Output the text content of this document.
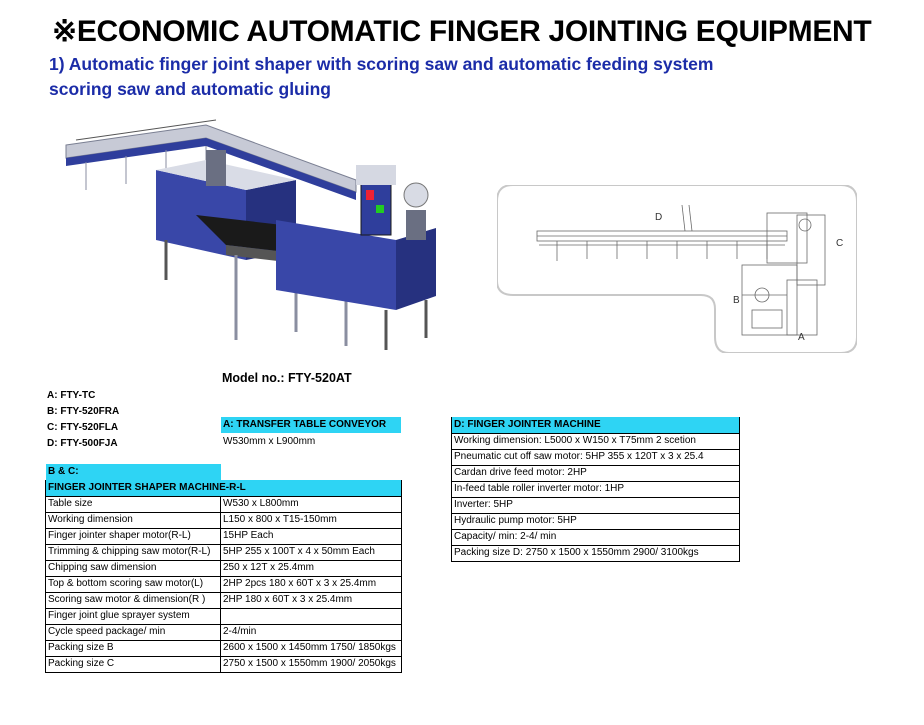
※ECONOMIC AUTOMATIC FINGER JOINTING EQUIPMENT
1) Automatic finger joint shaper with scoring saw and automatic feeding system
scoring saw and automatic gluing
D
C
B
A
Model no.: FTY-520AT
A: FTY-TC
B: FTY-520FRA
C: FTY-520FLA
D: FTY-500FJA
A: TRANSFER TABLE CONVEYOR
W530mm x L900mm
B & C:
FINGER JOINTER SHAPER MACHINE-R-L	
Table size	W530 x L800mm
Working dimension	L150 x 800 x T15-150mm
Finger jointer shaper motor(R-L)	15HP Each
Trimming & chipping saw motor(R-L)	5HP 255 x 100T x 4 x 50mm Each
Chipping saw dimension	250 x 12T x 25.4mm
Top & bottom scoring saw motor(L)	2HP 2pcs 180 x 60T x 3 x 25.4mm
Scoring saw motor & dimension(R )	2HP 180 x 60T x 3 x 25.4mm
Finger joint glue sprayer system	
Cycle speed package/ min	2-4/min
Packing size B	2600 x 1500 x 1450mm 1750/ 1850kgs
Packing size C	2750 x 1500 x 1550mm 1900/ 2050kgs
D: FINGER JOINTER MACHINE
Working dimension: L5000 x W150 x T75mm 2 scetion
Pneumatic cut off saw motor: 5HP 355 x 120T x 3 x 25.4
Cardan drive feed motor: 2HP
In-feed table roller inverter motor: 1HP
Inverter: 5HP
Hydraulic pump motor: 5HP
Capacity/ min: 2-4/ min
Packing size D: 2750 x 1500 x 1550mm 2900/ 3100kgs
